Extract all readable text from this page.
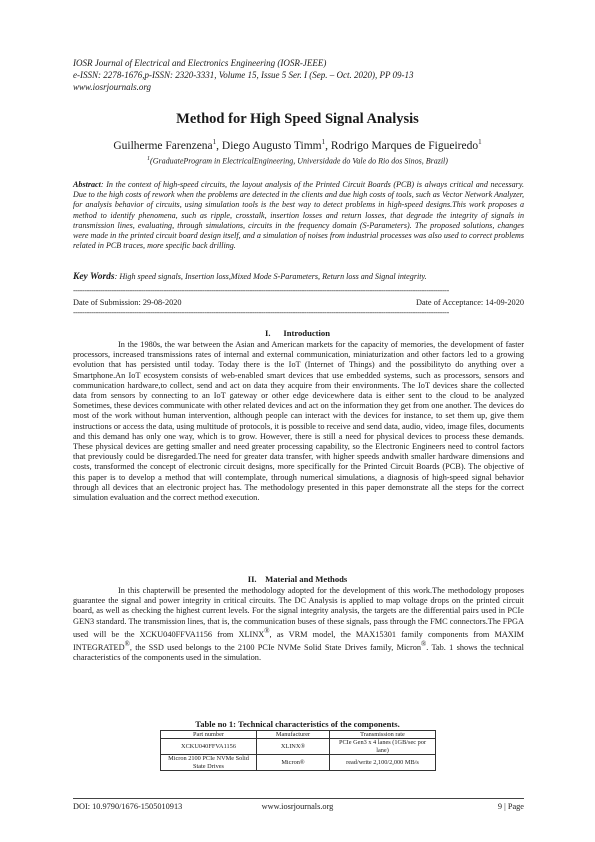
IOSR Journal of Electrical and Electronics Engineering (IOSR-JEEE)
e-ISSN: 2278-1676,p-ISSN: 2320-3331, Volume 15, Issue 5 Ser. I (Sep. – Oct. 2020), PP 09-13
www.iosrjournals.org
Method for High Speed Signal Analysis
Guilherme Farenzena$^1$, Diego Augusto Timm$^1$, Rodrigo Marques de Figueiredo$^1$
$^1$(GraduateProgram in ElectricalEngineering, Universidade do Vale do Rio dos Sinos, Brazil)

Abstract: In the context of high-speed circuits, the layout analysis of the Printed Circuit Boards (PCB) is always critical and necessary. Due to the high costs of rework when the problems are detected in the clients and due high costs of tools, such as Vector Network Analyzer, for analysis behavior of circuits, using simulation tools is the best way to detect problems in high-speed designs.This work proposes a method to identify phenomena, such as ripple, crosstalk, insertion losses and return losses, that degrade the integrity of signals in transmission lines, evaluating, through simulations, circuits in the frequency domain (S-Parameters). The proposed solutions, changes were made in the printed circuit board design itself, and a simulation of noises from industrial processes was also used to correct problems related in PCB traces, more specific back drilling.

Key Words: High speed signals, Insertion loss,Mixed Mode S-Parameters, Return loss and Signal integrity.
----------------------------------------------------------------------------------------------------------------------------------------------------------------------
Date of Submission: 29-08-2020	Date of Acceptance: 14-09-2020
----------------------------------------------------------------------------------------------------------------------------------------------------------------------
I.      Introduction

In the 1980s, the war between the Asian and American markets for the capacity of memories, the development of faster processors, increased transmissions rates of internal and external communication, miniaturization and other factors led to a growing evolution that has persisted until today. Today there is the IoT (Internet of Things) and the possibilityto do anything over a Smartphone.An IoT ecosystem consists of web-enabled smart devices that use embedded systems, such as processors, sensors and communication hardware,to collect, send and act on data they acquire from their environments. The IoT devices share the collected data from sensors by connecting to an IoT gateway or other edge devicewhere data is either sent to the cloud to be analyzed Sometimes, these devices communicate with other related devices and act on the information they get from one another. The devices do most of the work without human intervention, although people can interact with the devices for instance, to set them up, give them instructions or access the data, using multitude of protocols, it is possible to receive and send data, audio, video, image files, documents and this demand has only one way, which is to grow. However, there is still a need for physical devices to process these demands. These physical devices are getting smaller and need greater processing capability, so the Electronic Engineers need to control factors that previously could be disregarded.The need for greater data transfer, with higher speeds andwith smaller hardware dimensions and costs, transformed the concept of electronic circuit designs, more specifically for the Printed Circuit Boards (PCB). The objective of this paper is to develop a method that will contemplate, through numerical simulations, a diagnosis of high-speed signal behavior through all devices that an electronic project has. The methodology presented in this paper demonstrate all the steps for the correct simulation evaluation and the correct method execution.

II.    Material and Methods

In this chapterwill be presented the methodology adopted for the development of this work.The methodology proposes guarantee the signal and power integrity in critical circuits. The DC Analysis is applied to map voltage drops on the printed circuit board, as well as checking the highest current levels. For the signal integrity analysis, the targets are the differential pairs used in PCIe GEN3 standard. The transmission lines, that is, the communication buses of these signals, pass through the FMC connectors.The FPGA used will be the XCKU040FFVA1156 from XLINX®, as VRM model, the MAX15301 family components from MAXIM INTEGRATED®, the SSD used belongs to the 2100 PCIe NVMe Solid State Drives family, Micron®. Tab. 1 shows the technical characteristics of the components used in the simulation.

Table no 1: Technical characteristics of the components.
Part number	Manufacturer	Transmission rate
XCKU040FFVA1156	XLINX®	PCIe Gen3 x 4 lanes (1GB/sec por lane)
Micron 2100 PCIe NVMe Solid State Drives	Micron®	read/write 2,100/2,000 MB/s
DOI: 10.9790/1676-1505010913	www.iosrjournals.org	9 | Page
